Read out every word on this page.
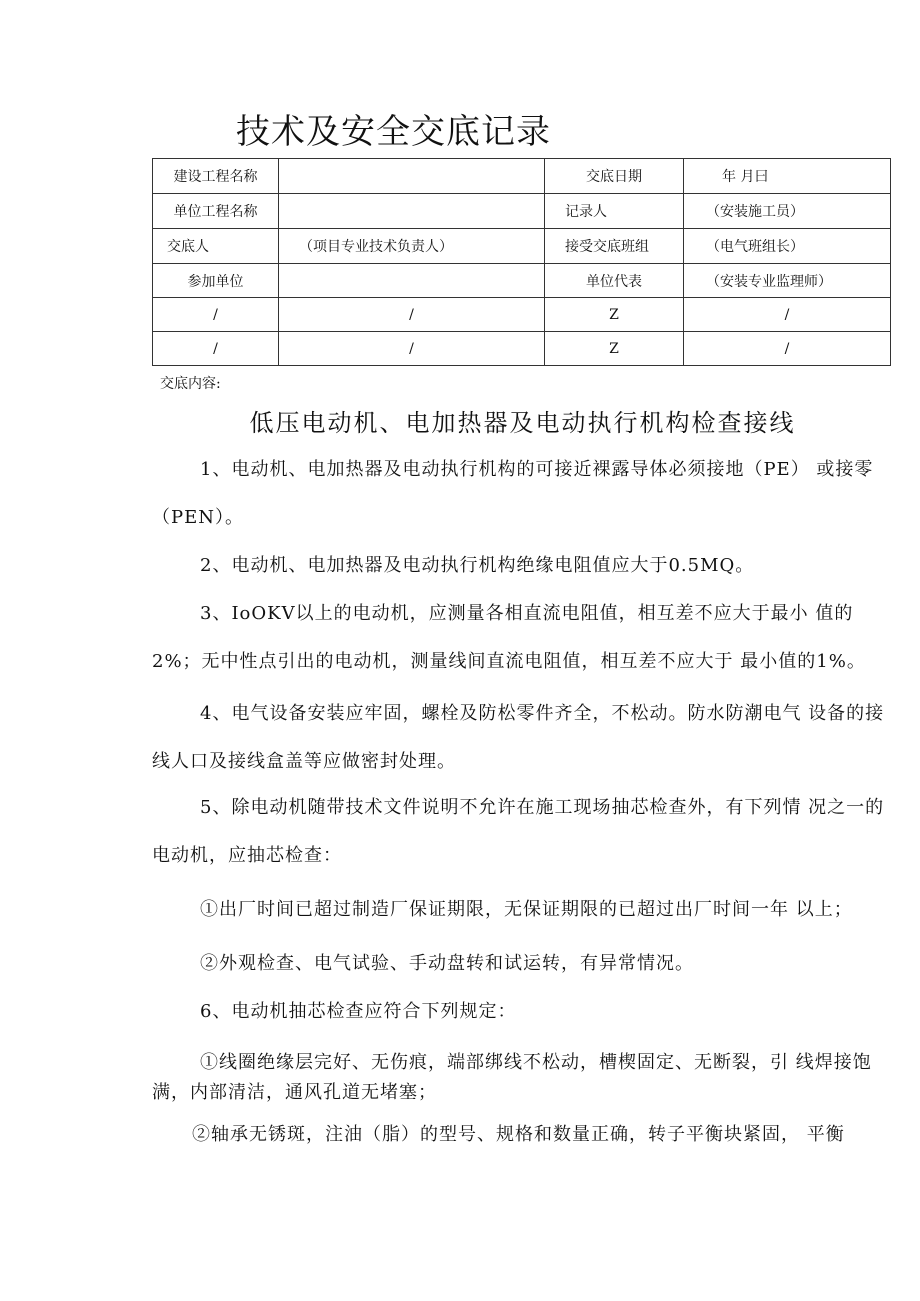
技术及安全交底记录
建设工程名称		交底日期	年 月曰
单位工程名称		记录人	（安装施工员）
交底人	（项目专业技术负责人）	接受交底班组	（电气班组长）
参加单位		单位代表	（安装专业监理师）
/	/	Z	/
/	/	Z	/
交底内容:
低压电动机、电加热器及电动执行机构检查接线

1、电动机、电加热器及电动执行机构的可接近裸露导体必须接地（PE） 或接零（PEN）。

2、电动机、电加热器及电动执行机构绝缘电阻值应大于0.5MQ。

3、IoOKV以上的电动机，应测量各相直流电阻值，相互差不应大于最小 值的2%；无中性点引出的电动机，测量线间直流电阻值，相互差不应大于 最小值的1%。

4、电气设备安装应牢固，螺栓及防松零件齐全，不松动。防水防潮电气 设备的接线人口及接线盒盖等应做密封处理。

5、除电动机随带技术文件说明不允许在施工现场抽芯检查外，有下列情 况之一的电动机，应抽芯检查：

①出厂时间已超过制造厂保证期限，无保证期限的已超过出厂时间一年 以上；

②外观检查、电气试验、手动盘转和试运转，有异常情况。

6、电动机抽芯检查应符合下列规定：

①线圈绝缘层完好、无伤痕，端部绑线不松动，槽楔固定、无断裂，引 线焊接饱满，内部清洁，通风孔道无堵塞；

②轴承无锈斑，注油（脂）的型号、规格和数量正确，转子平衡块紧固， 平衡
